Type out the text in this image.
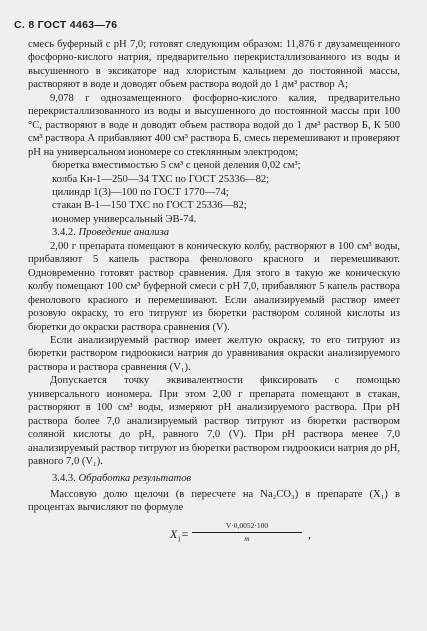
С. 8 ГОСТ 4463—76

смесь буферный с рН 7,0; готовят следующим образом: 11,876 г двузамещенного фосфорно-кислого натрия, предварительно перекристаллизованного из воды и высушенного в эксикаторе над хлористым кальцием до постоянной массы, растворяют в воде и доводят объем раствора водой до 1 дм³ раствор А;

9,078 г однозамещенного фосфорно-кислого калия, предварительно перекристаллизованного из воды и высушенного до постоянной массы при 100 °С, растворяют в воде и доводят объем раствора водой до 1 дм³ раствор Б, К 500 см³ раствора А прибавляют 400 см³ раствора Б, смесь перемешивают и проверяют рН на универсальном иономере со стеклянным электродом;

бюретка вместимостью 5 см³ с ценой деления 0,02 см³;

колба Кн-1—250—34 ТХС по ГОСТ 25336—82;

цилиндр 1(3)—100 по ГОСТ 1770—74;

стакан В-1—150 ТХС по ГОСТ 25336—82;

иономер универсальный ЭВ-74.

3.4.2. Проведение анализа

2,00 г препарата помещают в коническую колбу, растворяют в 100 см³ воды, прибавляют 5 капель раствора фенолового красного и перемешивают. Одновременно готовят раствор сравнения. Для этого в такую же коническую колбу помещают 100 см³ буферной смеси с рН 7,0, прибавляют 5 капель раствора фенолового красного и перемешивают. Если анализируемый раствор имеет розовую окраску, то его титруют из бюретки раствором соляной кислоты из бюретки до окраски раствора сравнения (V).

Если анализируемый раствор имеет желтую окраску, то его титруют из бюретки раствором гидроокиси натрия до уравнивания окраски анализируемого раствора и раствора сравнения (V₁).

Допускается точку эквивалентности фиксировать с помощью универсального иономера. При этом 2,00 г препарата помещают в стакан, растворяют в 100 см³ воды, измеряют рН анализируемого раствора. При рН раствора более 7,0 анализируемый раствор титруют из бюретки раствором соляной кислоты до рН, равного 7,0 (V). При рН раствора менее 7,0 анализируемый раствор титруют из бюретки раствором гидроокиси натрия до рН, равного 7,0 (V₁).

3.4.3. Обработка результатов

Массовую долю щелочи (в пересчете на Na₂CO₃) в препарате (X₁) в процентах вычисляют по формуле

$X_1= \frac{V\cdot 0,0052\cdot 100}{m}$ ,
